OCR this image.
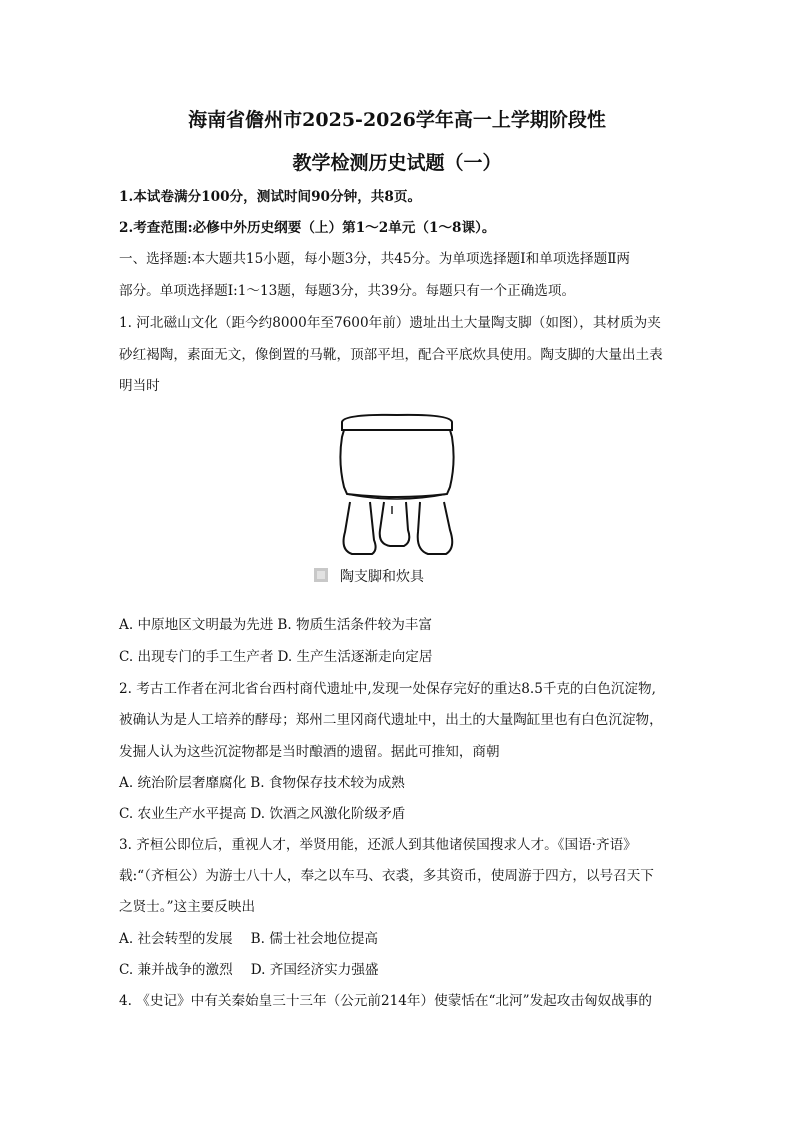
海南省儋州市2025-2026学年高一上学期阶段性
教学检测历史试题（一）
1.本试卷满分100分，测试时间90分钟，共8页。
2.考查范围:必修中外历史纲要（上）第1～2单元（1～8课）。
一、选择题:本大题共15小题，每小题3分，共45分。为单项选择题Ⅰ和单项选择题Ⅱ两
部分。单项选择题Ⅰ:1～13题，每题3分，共39分。每题只有一个正确选项。
1. 河北磁山文化（距今约8000年至7600年前）遗址出土大量陶支脚（如图），其材质为夹
砂红褐陶，素面无文，像倒置的马靴，顶部平坦，配合平底炊具使用。陶支脚的大量出土表
明当时
陶支脚和炊具
A. 中原地区文明最为先进 B. 物质生活条件较为丰富
C. 出现专门的手工生产者 D. 生产生活逐渐走向定居
2. 考古工作者在河北省台西村商代遗址中,发现一处保存完好的重达8.5千克的白色沉淀物,
被确认为是人工培养的酵母；郑州二里冈商代遗址中，出土的大量陶缸里也有白色沉淀物，
发掘人认为这些沉淀物都是当时酿酒的遗留。据此可推知，商朝
A. 统治阶层奢靡腐化 B. 食物保存技术较为成熟
C. 农业生产水平提高 D. 饮酒之风激化阶级矛盾
3. 齐桓公即位后，重视人才，举贤用能，还派人到其他诸侯国搜求人才。《国语·齐语》
载:“（齐桓公）为游士八十人，奉之以车马、衣裘，多其资币，使周游于四方，以号召天下
之贤士。”这主要反映出
A. 社会转型的发展 B. 儒士社会地位提高
C. 兼并战争的激烈 D. 齐国经济实力强盛
4. 《史记》中有关秦始皇三十三年（公元前214年）使蒙恬在“北河”发起攻击匈奴战事的
